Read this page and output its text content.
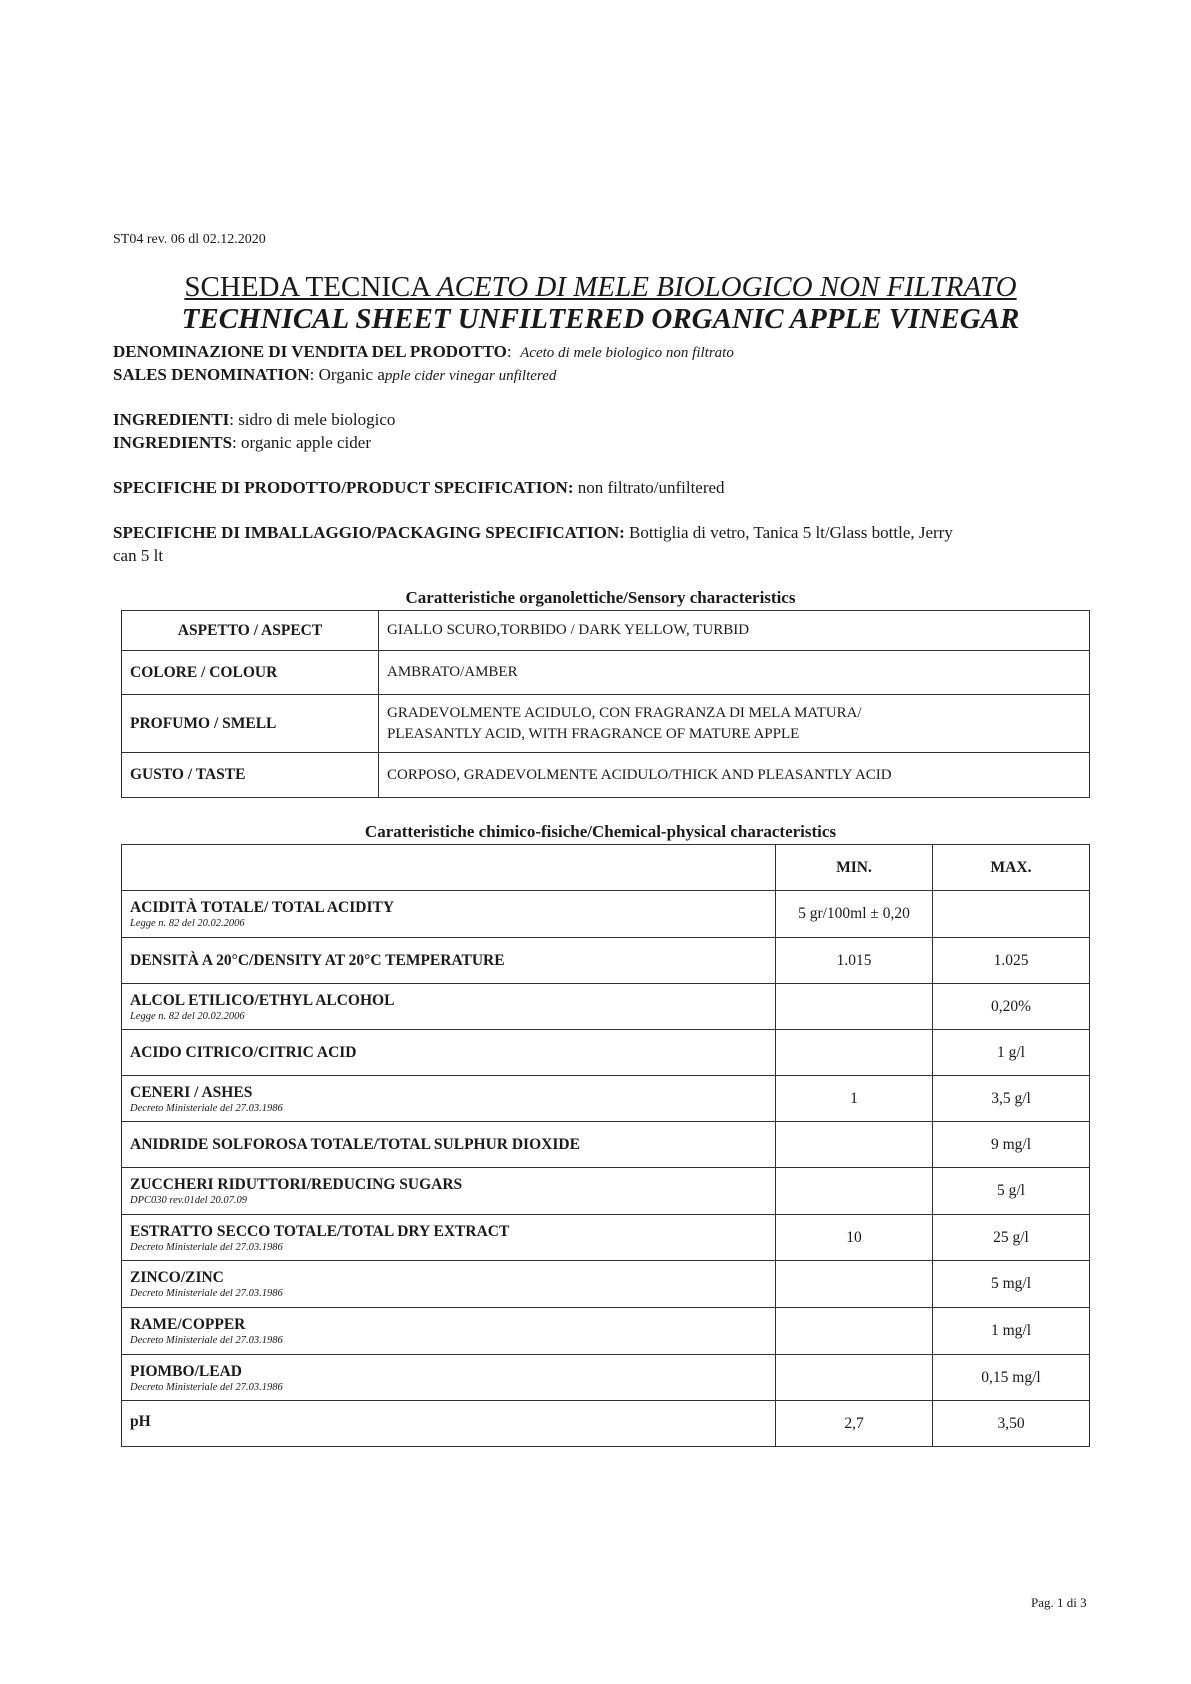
ST04 rev. 06 dl 02.12.2020
SCHEDA TECNICA ACETO DI MELE BIOLOGICO NON FILTRATO
TECHNICAL SHEET UNFILTERED ORGANIC APPLE VINEGAR
DENOMINAZIONE DI VENDITA DEL PRODOTTO:  Aceto di mele biologico non filtrato
SALES DENOMINATION: Organic apple cider vinegar unfiltered
INGREDIENTI: sidro di mele biologico
INGREDIENTS: organic apple cider
SPECIFICHE DI PRODOTTO/PRODUCT SPECIFICATION: non filtrato/unfiltered
SPECIFICHE DI IMBALLAGGIO/PACKAGING SPECIFICATION: Bottiglia di vetro, Tanica 5 lt/Glass bottle, Jerry
can 5 lt
Caratteristiche organolettiche/Sensory characteristics
ASPETTO / ASPECT	GIALLO SCURO,TORBIDO / DARK YELLOW, TURBID
COLORE / COLOUR	AMBRATO/AMBER
PROFUMO / SMELL	GRADEVOLMENTE ACIDULO, CON FRAGRANZA DI MELA MATURA/
PLEASANTLY ACID, WITH FRAGRANCE OF MATURE APPLE
GUSTO / TASTE	CORPOSO, GRADEVOLMENTE ACIDULO/THICK AND PLEASANTLY ACID
Caratteristiche chimico-fisiche/Chemical-physical characteristics
	MIN.	MAX.
ACIDITÀ TOTALE/ TOTAL ACIDITY
Legge n. 82 del 20.02.2006	5 gr/100ml ± 0,20	
DENSITÀ A 20°C/DENSITY AT 20°C TEMPERATURE	1.015	1.025
ALCOL ETILICO/ETHYL ALCOHOL
Legge n. 82 del 20.02.2006		0,20%
ACIDO CITRICO/CITRIC ACID		1 g/l
CENERI / ASHES
Decreto Ministeriale del 27.03.1986	1	3,5 g/l
ANIDRIDE SOLFOROSA TOTALE/TOTAL SULPHUR DIOXIDE		9 mg/l
ZUCCHERI RIDUTTORI/REDUCING SUGARS
DPC030 rev.01del 20.07.09		5 g/l
ESTRATTO SECCO TOTALE/TOTAL DRY EXTRACT
Decreto Ministeriale del 27.03.1986	10	25 g/l
ZINCO/ZINC
Decreto Ministeriale del 27.03.1986		5 mg/l
RAME/COPPER
Decreto Ministeriale del 27.03.1986		1 mg/l
PIOMBO/LEAD
Decreto Ministeriale del 27.03.1986		0,15 mg/l
pH	2,7	3,50
Pag. 1 di 3
